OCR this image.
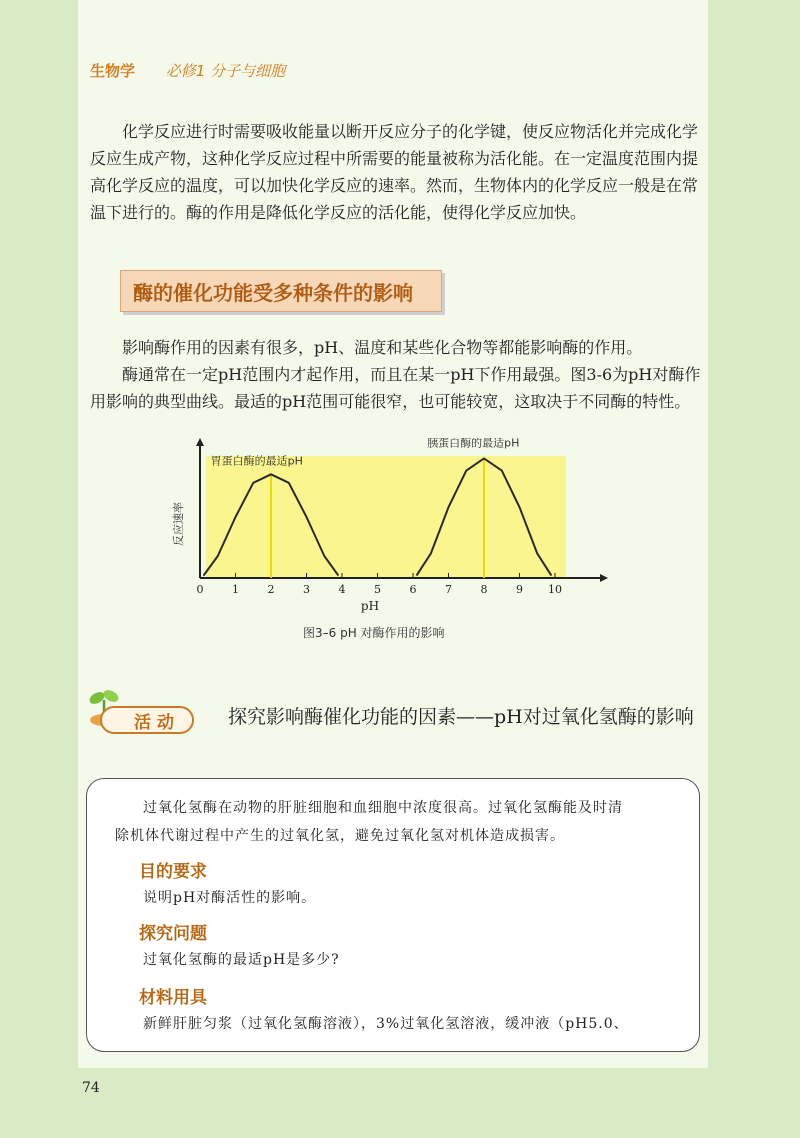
生物学 必修1 分子与细胞

化学反应进行时需要吸收能量以断开反应分子的化学键，使反应物活化并完成化学反应生成产物，这种化学反应过程中所需要的能量被称为活化能。在一定温度范围内提高化学反应的温度，可以加快化学反应的速率。然而，生物体内的化学反应一般是在常温下进行的。酶的作用是降低化学反应的活化能，使得化学反应加快。

酶的催化功能受多种条件的影响

影响酶作用的因素有很多，pH、温度和某些化合物等都能影响酶的作用。

酶通常在一定pH范围内才起作用，而且在某一pH下作用最强。图3-6为pH对酶作用影响的典型曲线。最适的pH范围可能很窄，也可能较宽，这取决于不同酶的特性。

反应速率
pH
0	1	2	3	4	5	6	7	8	9 10
胃蛋白酶的最适pH
胰蛋白酶的最适pH
图3–6 pH 对酶作用的影响
活动	探究影响酶催化功能的因素——pH对过氧化氢酶的影响
过氧化氢酶在动物的肝脏细胞和血细胞中浓度很高。过氧化氢酶能及时清
除机体代谢过程中产生的过氧化氢，避免过氧化氢对机体造成损害。
目的要求
说明pH对酶活性的影响。
探究问题
过氧化氢酶的最适pH是多少?
材料用具
新鲜肝脏匀浆（过氧化氢酶溶液），3%过氧化氢溶液，缓冲液（pH5.0、
74
